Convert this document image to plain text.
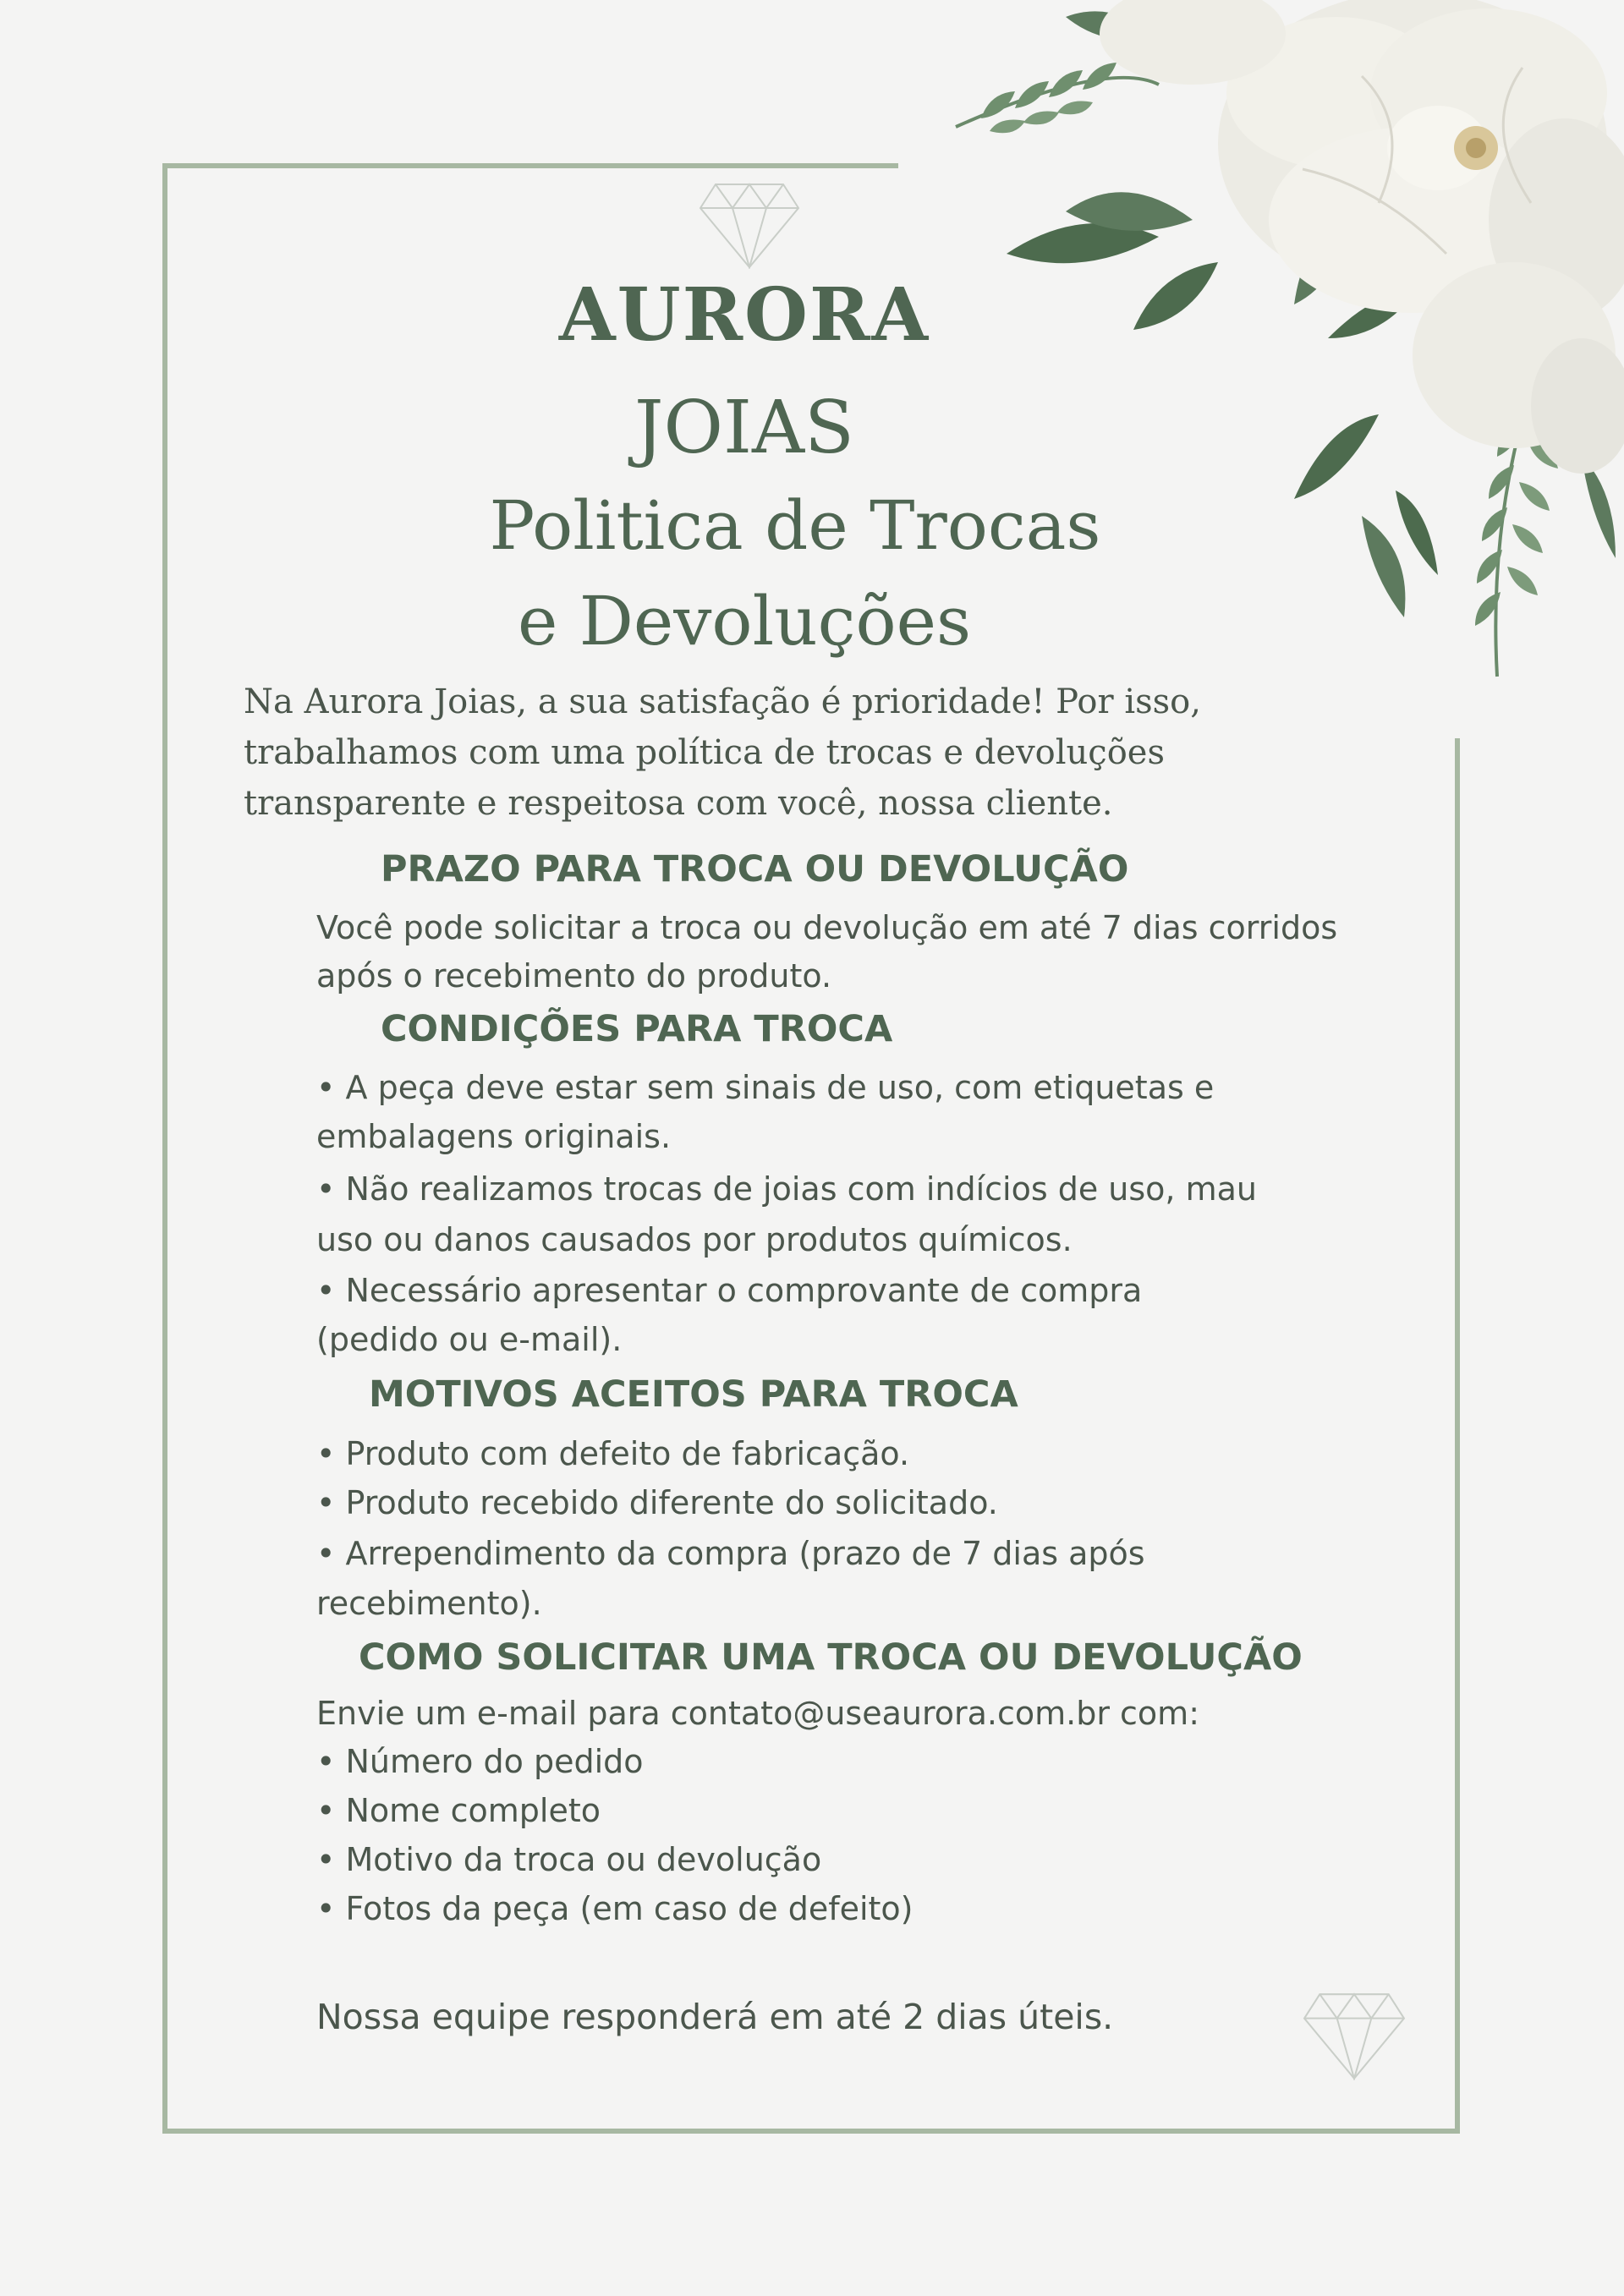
AURORA
JOIAS
Politica de Trocas
e Devoluções
Na Aurora Joias, a sua satisfação é prioridade! Por isso, trabalhamos com uma política de trocas e devoluções transparente e respeitosa com você, nossa cliente.
PRAZO PARA TROCA OU DEVOLUÇÃO
Você pode solicitar a troca ou devolução em até 7 dias corridos
após o recebimento do produto.
CONDIÇÕES PARA TROCA
• A peça deve estar sem sinais de uso, com etiquetas e
embalagens originais.
• Não realizamos trocas de joias com indícios de uso, mau
uso ou danos causados por produtos químicos.
• Necessário apresentar o comprovante de compra
(pedido ou e-mail).
MOTIVOS ACEITOS PARA TROCA
• Produto com defeito de fabricação.
• Produto recebido diferente do solicitado.
• Arrependimento da compra (prazo de 7 dias após
recebimento).
COMO SOLICITAR UMA TROCA OU DEVOLUÇÃO
Envie um e-mail para contato@useaurora.com.br com:
• Número do pedido
• Nome completo
• Motivo da troca ou devolução
• Fotos da peça (em caso de defeito)
Nossa equipe responderá em até 2 dias úteis.
